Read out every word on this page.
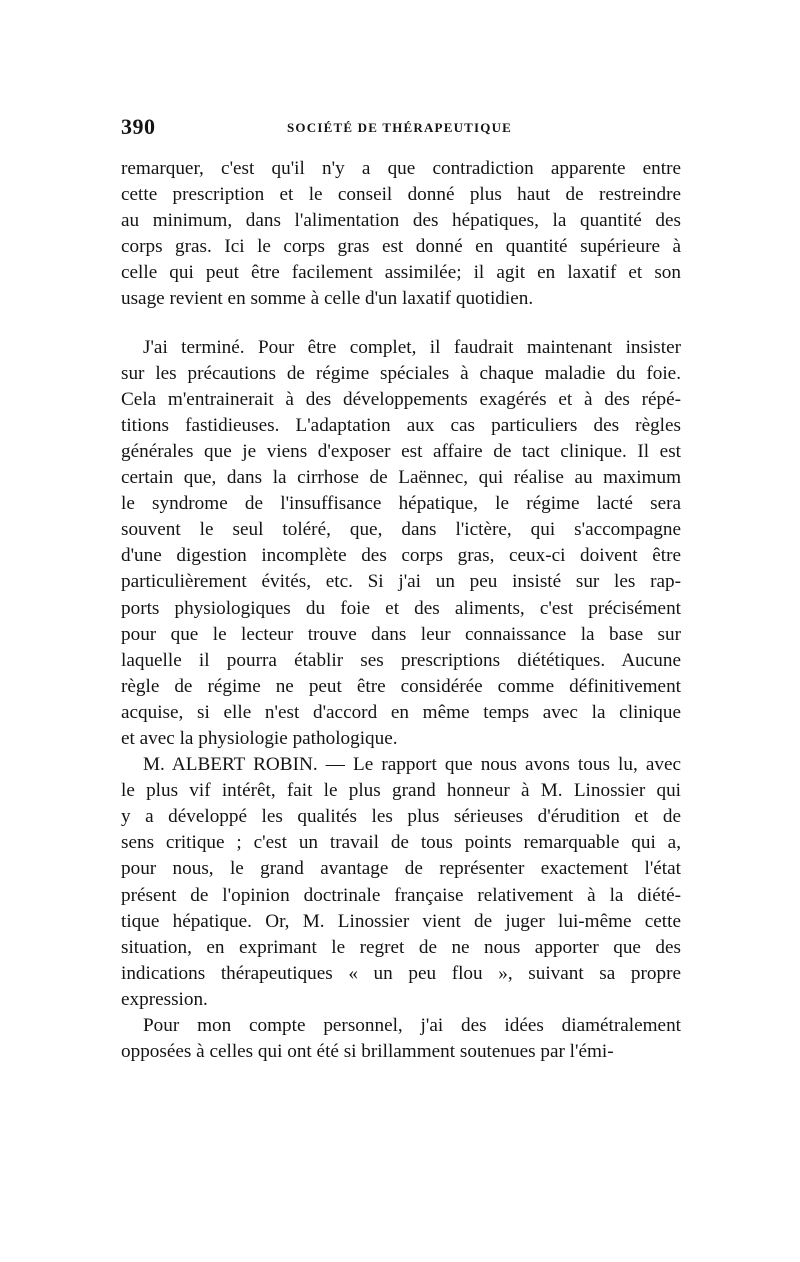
390	SOCIÉTÉ DE THÉRAPEUTIQUE
remarquer, c'est qu'il n'y a que contradiction apparente entre
cette prescription et le conseil donné plus haut de restreindre
au minimum, dans l'alimentation des hépatiques, la quantité des
corps gras. Ici le corps gras est donné en quantité supérieure à
celle qui peut être facilement assimilée; il agit en laxatif et son
usage revient en somme à celle d'un laxatif quotidien.
J'ai terminé. Pour être complet, il faudrait maintenant insister
sur les précautions de régime spéciales à chaque maladie du foie.
Cela m'entrainerait à des développements exagérés et à des répé-
titions fastidieuses. L'adaptation aux cas particuliers des règles
générales que je viens d'exposer est affaire de tact clinique. Il est
certain que, dans la cirrhose de Laënnec, qui réalise au maximum
le syndrome de l'insuffisance hépatique, le régime lacté sera
souvent le seul toléré, que, dans l'ictère, qui s'accompagne
d'une digestion incomplète des corps gras, ceux-ci doivent être
particulièrement évités, etc. Si j'ai un peu insisté sur les rap-
ports physiologiques du foie et des aliments, c'est précisément
pour que le lecteur trouve dans leur connaissance la base sur
laquelle il pourra établir ses prescriptions diététiques. Aucune
règle de régime ne peut être considérée comme définitivement
acquise, si elle n'est d'accord en même temps avec la clinique
et avec la physiologie pathologique.
M. ALBERT ROBIN. — Le rapport que nous avons tous lu, avec
le plus vif intérêt, fait le plus grand honneur à M. Linossier qui
y a développé les qualités les plus sérieuses d'érudition et de
sens critique ; c'est un travail de tous points remarquable qui a,
pour nous, le grand avantage de représenter exactement l'état
présent de l'opinion doctrinale française relativement à la diété-
tique hépatique. Or, M. Linossier vient de juger lui-même cette
situation, en exprimant le regret de ne nous apporter que des
indications thérapeutiques « un peu flou », suivant sa propre
expression.
Pour mon compte personnel, j'ai des idées diamétralement
opposées à celles qui ont été si brillamment soutenues par l'émi-
